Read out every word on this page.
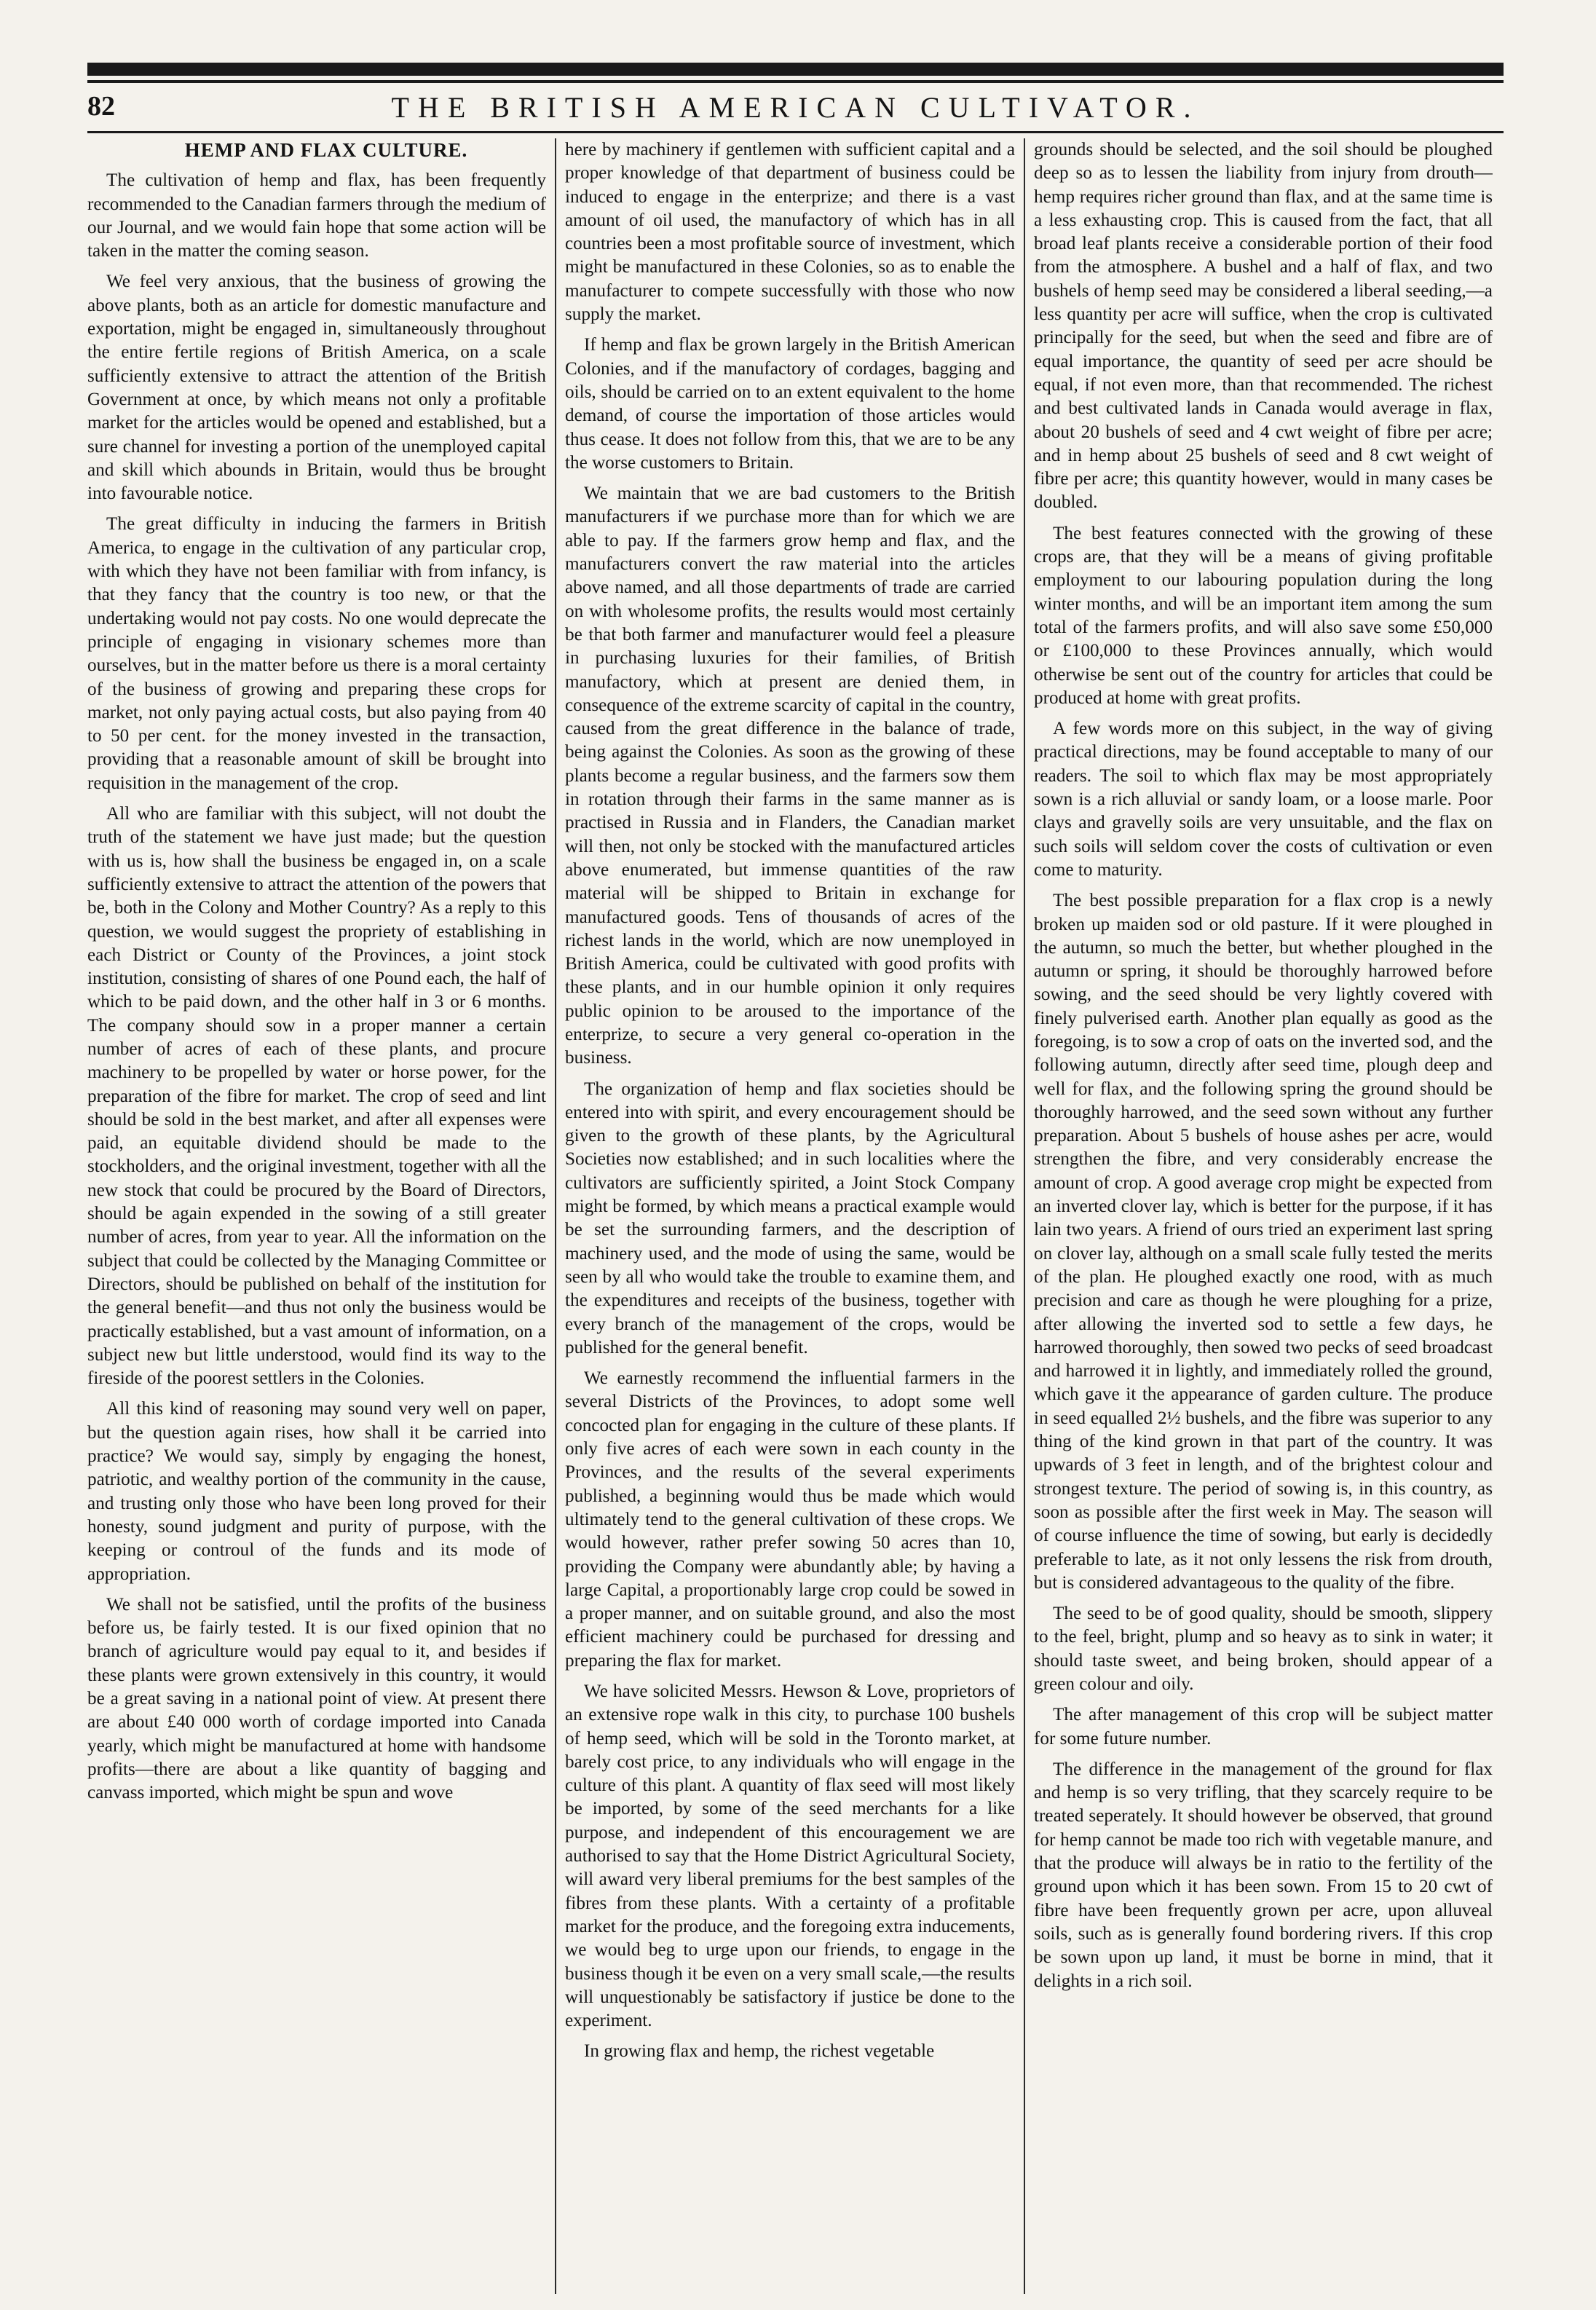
82	THE BRITISH AMERICAN CULTIVATOR.

HEMP AND FLAX CULTURE.

The cultivation of hemp and flax, has been frequently recommended to the Canadian farmers through the medium of our Journal, and we would fain hope that some action will be taken in the matter the coming season.

We feel very anxious, that the business of growing the above plants, both as an article for domestic manufacture and exportation, might be engaged in, simultaneously throughout the entire fertile regions of British America, on a scale sufficiently extensive to attract the attention of the British Government at once, by which means not only a profitable market for the articles would be opened and established, but a sure channel for investing a portion of the unemployed capital and skill which abounds in Britain, would thus be brought into favourable notice.

The great difficulty in inducing the farmers in British America, to engage in the cultivation of any particular crop, with which they have not been familiar with from infancy, is that they fancy that the country is too new, or that the undertaking would not pay costs. No one would deprecate the principle of engaging in visionary schemes more than ourselves, but in the matter before us there is a moral certainty of the business of growing and preparing these crops for market, not only paying actual costs, but also paying from 40 to 50 per cent. for the money invested in the transaction, providing that a reasonable amount of skill be brought into requisition in the management of the crop.

All who are familiar with this subject, will not doubt the truth of the statement we have just made; but the question with us is, how shall the business be engaged in, on a scale sufficiently extensive to attract the attention of the powers that be, both in the Colony and Mother Country? As a reply to this question, we would suggest the propriety of establishing in each District or County of the Provinces, a joint stock institution, consisting of shares of one Pound each, the half of which to be paid down, and the other half in 3 or 6 months. The company should sow in a proper manner a certain number of acres of each of these plants, and procure machinery to be propelled by water or horse power, for the preparation of the fibre for market. The crop of seed and lint should be sold in the best market, and after all expenses were paid, an equitable dividend should be made to the stockholders, and the original investment, together with all the new stock that could be procured by the Board of Directors, should be again expended in the sowing of a still greater number of acres, from year to year. All the information on the subject that could be collected by the Managing Committee or Directors, should be published on behalf of the institution for the general benefit—and thus not only the business would be practically established, but a vast amount of information, on a subject new but little understood, would find its way to the fireside of the poorest settlers in the Colonies.

All this kind of reasoning may sound very well on paper, but the question again rises, how shall it be carried into practice? We would say, simply by engaging the honest, patriotic, and wealthy portion of the community in the cause, and trusting only those who have been long proved for their honesty, sound judgment and purity of purpose, with the keeping or controul of the funds and its mode of appropriation.

We shall not be satisfied, until the profits of the business before us, be fairly tested. It is our fixed opinion that no branch of agriculture would pay equal to it, and besides if these plants were grown extensively in this country, it would be a great saving in a national point of view. At present there are about £40 000 worth of cordage imported into Canada yearly, which might be manufactured at home with handsome profits—there are about a like quantity of bagging and canvass imported, which might be spun and wove

here by machinery if gentlemen with sufficient capital and a proper knowledge of that department of business could be induced to engage in the enterprize; and there is a vast amount of oil used, the manufactory of which has in all countries been a most profitable source of investment, which might be manufactured in these Colonies, so as to enable the manufacturer to compete successfully with those who now supply the market.

If hemp and flax be grown largely in the British American Colonies, and if the manufactory of cordages, bagging and oils, should be carried on to an extent equivalent to the home demand, of course the importation of those articles would thus cease. It does not follow from this, that we are to be any the worse customers to Britain.

We maintain that we are bad customers to the British manufacturers if we purchase more than for which we are able to pay. If the farmers grow hemp and flax, and the manufacturers convert the raw material into the articles above named, and all those departments of trade are carried on with wholesome profits, the results would most certainly be that both farmer and manufacturer would feel a pleasure in purchasing luxuries for their families, of British manufactory, which at present are denied them, in consequence of the extreme scarcity of capital in the country, caused from the great difference in the balance of trade, being against the Colonies. As soon as the growing of these plants become a regular business, and the farmers sow them in rotation through their farms in the same manner as is practised in Russia and in Flanders, the Canadian market will then, not only be stocked with the manufactured articles above enumerated, but immense quantities of the raw material will be shipped to Britain in exchange for manufactured goods. Tens of thousands of acres of the richest lands in the world, which are now unemployed in British America, could be cultivated with good profits with these plants, and in our humble opinion it only requires public opinion to be aroused to the importance of the enterprize, to secure a very general co-operation in the business.

The organization of hemp and flax societies should be entered into with spirit, and every encouragement should be given to the growth of these plants, by the Agricultural Societies now established; and in such localities where the cultivators are sufficiently spirited, a Joint Stock Company might be formed, by which means a practical example would be set the surrounding farmers, and the description of machinery used, and the mode of using the same, would be seen by all who would take the trouble to examine them, and the expenditures and receipts of the business, together with every branch of the management of the crops, would be published for the general benefit.

We earnestly recommend the influential farmers in the several Districts of the Provinces, to adopt some well concocted plan for engaging in the culture of these plants. If only five acres of each were sown in each county in the Provinces, and the results of the several experiments published, a beginning would thus be made which would ultimately tend to the general cultivation of these crops. We would however, rather prefer sowing 50 acres than 10, providing the Company were abundantly able; by having a large Capital, a proportionably large crop could be sowed in a proper manner, and on suitable ground, and also the most efficient machinery could be purchased for dressing and preparing the flax for market.

We have solicited Messrs. Hewson & Love, proprietors of an extensive rope walk in this city, to purchase 100 bushels of hemp seed, which will be sold in the Toronto market, at barely cost price, to any individuals who will engage in the culture of this plant. A quantity of flax seed will most likely be imported, by some of the seed merchants for a like purpose, and independent of this encouragement we are authorised to say that the Home District Agricultural Society, will award very liberal premiums for the best samples of the fibres from these plants. With a certainty of a profitable market for the produce, and the foregoing extra inducements, we would beg to urge upon our friends, to engage in the business though it be even on a very small scale,—the results will unquestionably be satisfactory if justice be done to the experiment.

In growing flax and hemp, the richest vegetable

grounds should be selected, and the soil should be ploughed deep so as to lessen the liability from injury from drouth—hemp requires richer ground than flax, and at the same time is a less exhausting crop. This is caused from the fact, that all broad leaf plants receive a considerable portion of their food from the atmosphere. A bushel and a half of flax, and two bushels of hemp seed may be considered a liberal seeding,—a less quantity per acre will suffice, when the crop is cultivated principally for the seed, but when the seed and fibre are of equal importance, the quantity of seed per acre should be equal, if not even more, than that recommended. The richest and best cultivated lands in Canada would average in flax, about 20 bushels of seed and 4 cwt weight of fibre per acre; and in hemp about 25 bushels of seed and 8 cwt weight of fibre per acre; this quantity however, would in many cases be doubled.

The best features connected with the growing of these crops are, that they will be a means of giving profitable employment to our labouring population during the long winter months, and will be an important item among the sum total of the farmers profits, and will also save some £50,000 or £100,000 to these Provinces annually, which would otherwise be sent out of the country for articles that could be produced at home with great profits.

A few words more on this subject, in the way of giving practical directions, may be found acceptable to many of our readers. The soil to which flax may be most appropriately sown is a rich alluvial or sandy loam, or a loose marle. Poor clays and gravelly soils are very unsuitable, and the flax on such soils will seldom cover the costs of cultivation or even come to maturity.

The best possible preparation for a flax crop is a newly broken up maiden sod or old pasture. If it were ploughed in the autumn, so much the better, but whether ploughed in the autumn or spring, it should be thoroughly harrowed before sowing, and the seed should be very lightly covered with finely pulverised earth. Another plan equally as good as the foregoing, is to sow a crop of oats on the inverted sod, and the following autumn, directly after seed time, plough deep and well for flax, and the following spring the ground should be thoroughly harrowed, and the seed sown without any further preparation. About 5 bushels of house ashes per acre, would strengthen the fibre, and very considerably encrease the amount of crop. A good average crop might be expected from an inverted clover lay, which is better for the purpose, if it has lain two years. A friend of ours tried an experiment last spring on clover lay, although on a small scale fully tested the merits of the plan. He ploughed exactly one rood, with as much precision and care as though he were ploughing for a prize, after allowing the inverted sod to settle a few days, he harrowed thoroughly, then sowed two pecks of seed broadcast and harrowed it in lightly, and immediately rolled the ground, which gave it the appearance of garden culture. The produce in seed equalled 2½ bushels, and the fibre was superior to any thing of the kind grown in that part of the country. It was upwards of 3 feet in length, and of the brightest colour and strongest texture. The period of sowing is, in this country, as soon as possible after the first week in May. The season will of course influence the time of sowing, but early is decidedly preferable to late, as it not only lessens the risk from drouth, but is considered advantageous to the quality of the fibre.

The seed to be of good quality, should be smooth, slippery to the feel, bright, plump and so heavy as to sink in water; it should taste sweet, and being broken, should appear of a green colour and oily.

The after management of this crop will be subject matter for some future number.

The difference in the management of the ground for flax and hemp is so very trifling, that they scarcely require to be treated seperately. It should however be observed, that ground for hemp cannot be made too rich with vegetable manure, and that the produce will always be in ratio to the fertility of the ground upon which it has been sown. From 15 to 20 cwt of fibre have been frequently grown per acre, upon alluveal soils, such as is generally found bordering rivers. If this crop be sown upon up land, it must be borne in mind, that it delights in a rich soil.
